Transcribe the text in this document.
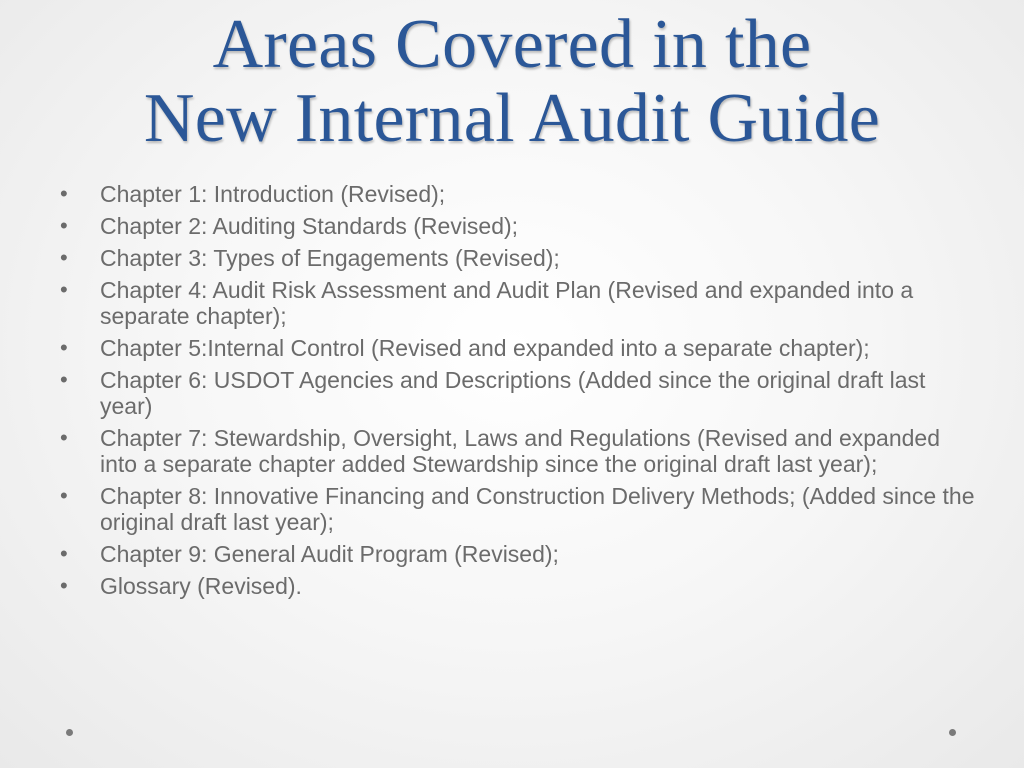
Areas Covered in the
New Internal Audit Guide
• Chapter 1: Introduction (Revised);
• Chapter 2: Auditing Standards (Revised);
• Chapter 3: Types of Engagements (Revised);
• Chapter 4: Audit Risk Assessment and Audit Plan (Revised and expanded into a separate chapter);
• Chapter 5:Internal Control (Revised and expanded into a separate chapter);
• Chapter 6: USDOT Agencies and Descriptions (Added since the original draft last year)
• Chapter 7: Stewardship, Oversight, Laws and Regulations (Revised and expanded into a separate chapter added Stewardship since the original draft last year);
• Chapter 8: Innovative Financing and Construction Delivery Methods; (Added since the original draft last year);
• Chapter 9: General Audit Program (Revised);
• Glossary (Revised).
